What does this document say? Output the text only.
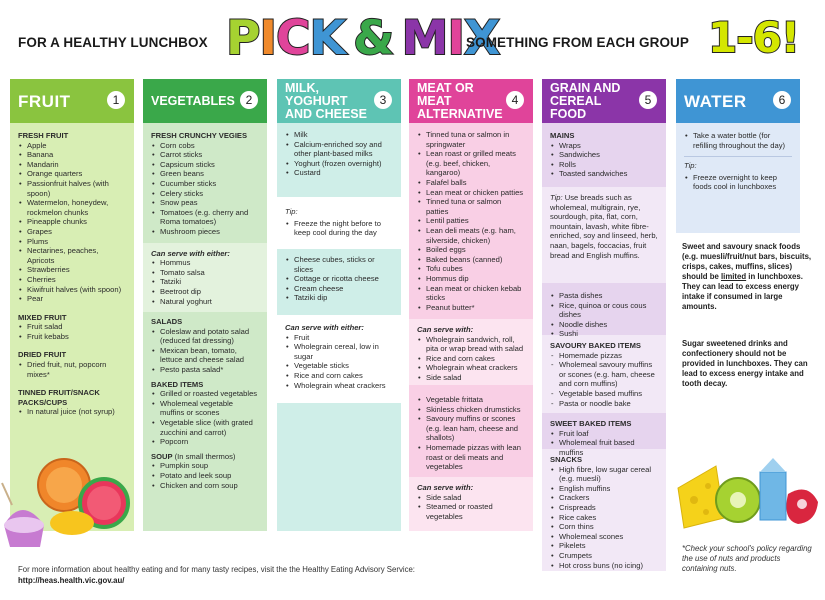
FOR A HEALTHY LUNCHBOX PICK  &  MIX
SOMETHING FROM EACH GROUP 1-6!
FRUIT	1
FRESH FRUIT
• Apple
• Banana
• Mandarin
• Orange quarters
• Passionfruit halves (with spoon)
• Watermelon, honeydew, rockmelon chunks
• Pineapple chunks
• Grapes
• Plums
• Nectarines, peaches, Apricots
• Strawberries
• Cherries
• Kiwifruit halves (with spoon)
• Pear
MIXED FRUIT
• Fruit salad
• Fruit kebabs
DRIED FRUIT
• Dried fruit, nut, popcorn mixes*
TINNED FRUIT/SNACK PACKS/CUPS
• In natural juice (not syrup)
VEGETABLES 2
FRESH CRUNCHY VEGIES
• Corn cobs
• Carrot sticks
• Capsicum sticks
• Green beans
• Cucumber sticks
• Celery sticks
• Snow peas
• Tomatoes (e.g. cherry and Roma tomatoes)
• Mushroom pieces
Can serve with either:
• Hommus
• Tomato salsa
• Tatziki
• Beetroot dip
• Natural yoghurt
SALADS
• Coleslaw and potato salad (reduced fat dressing)
• Mexican bean, tomato, lettuce and cheese salad
• Pesto pasta salad*
BAKED ITEMS
• Grilled or roasted vegetables
• Wholemeal vegetable muffins or scones
• Vegetable slice (with grated zucchini and carrot)
• Popcorn
SOUP (In small thermos)
• Pumpkin soup
• Potato and leek soup
• Chicken and corn soup
MILK, YOGHURT AND CHEESE
3
• Milk
• Calcium-enriched soy and other plant-based milks
• Yoghurt (frozen overnight)
• Custard
Tip:
• Freeze the night before to keep cool during the day
• Cheese cubes, sticks or slices
• Cottage or ricotta cheese
• Cream cheese
• Tatziki dip
Can serve with either:
• Fruit
• Wholegrain cereal, low in sugar
• Vegetable sticks
• Rice and corn cakes
• Wholegrain wheat crackers
MEAT OR MEAT ALTERNATIVE
4
• Tinned tuna or salmon in springwater
• Lean roast or grilled meats (e.g. beef, chicken, kangaroo)
• Falafel balls
• Lean meat or chicken patties
• Tinned tuna or salmon patties
• Lentil patties
• Lean deli meats (e.g. ham, silverside, chicken)
• Boiled eggs
• Baked beans (canned)
• Tofu cubes
• Hommus dip
• Lean meat or chicken kebab sticks
• Peanut butter*
Can serve with:
• Wholegrain sandwich, roll, pita or wrap bread with salad
• Rice and corn cakes
• Wholegrain wheat crackers
• Side salad
• Vegetable frittata
• Skinless chicken drumsticks
• Savoury muffins or scones (e.g. lean ham, cheese and shallots)
• Homemade pizzas with lean roast or deli meats and vegetables
Can serve with:
• Side salad
• Steamed or roasted vegetables
GRAIN AND CEREAL FOOD
5
MAINS
• Wraps
• Sandwiches
• Rolls
• Toasted sandwiches
Tip: Use breads such as wholemeal, multigrain, rye, sourdough, pita, flat, corn, mountain, lavash, white fibre-enriched, soy and linseed, herb, naan, bagels, foccacias, fruit bread and English muffins.
• Pasta dishes
• Rice, quinoa or cous cous dishes
• Noodle dishes
• Sushi
SAVOURY BAKED ITEMS
- Homemade pizzas
- Wholemeal savoury muffins or scones (e.g. ham, cheese and corn muffins)
- Vegetable based muffins
- Pasta or noodle bake
SWEET BAKED ITEMS
• Fruit loaf
• Wholemeal fruit based muffins
SNACKS
• High fibre, low sugar cereal (e.g. muesli)
• English muffins
• Crackers
• Crispreads
• Rice cakes
• Corn thins
• Wholemeal scones
• Pikelets
• Crumpets
• Hot cross buns (no icing)
WATER	6
• Take a water bottle (for refilling throughout the day)
Tip:
• Freeze overnight to keep foods cool in lunchboxes
Sweet and savoury snack foods (e.g. muesli/fruit/nut bars, biscuits, crisps, cakes, muffins, slices) should be limited in lunchboxes. They can lead to excess energy intake if consumed in large amounts.
Sugar sweetened drinks and confectionery should not be provided in lunchboxes. They can lead to excess energy intake and tooth decay.
*Check your school's policy regarding the use of nuts and products containing nuts.
For more information about healthy eating and for many tasty recipes, visit the the Healthy Eating Advisory Service:
http://heas.health.vic.gov.au/
